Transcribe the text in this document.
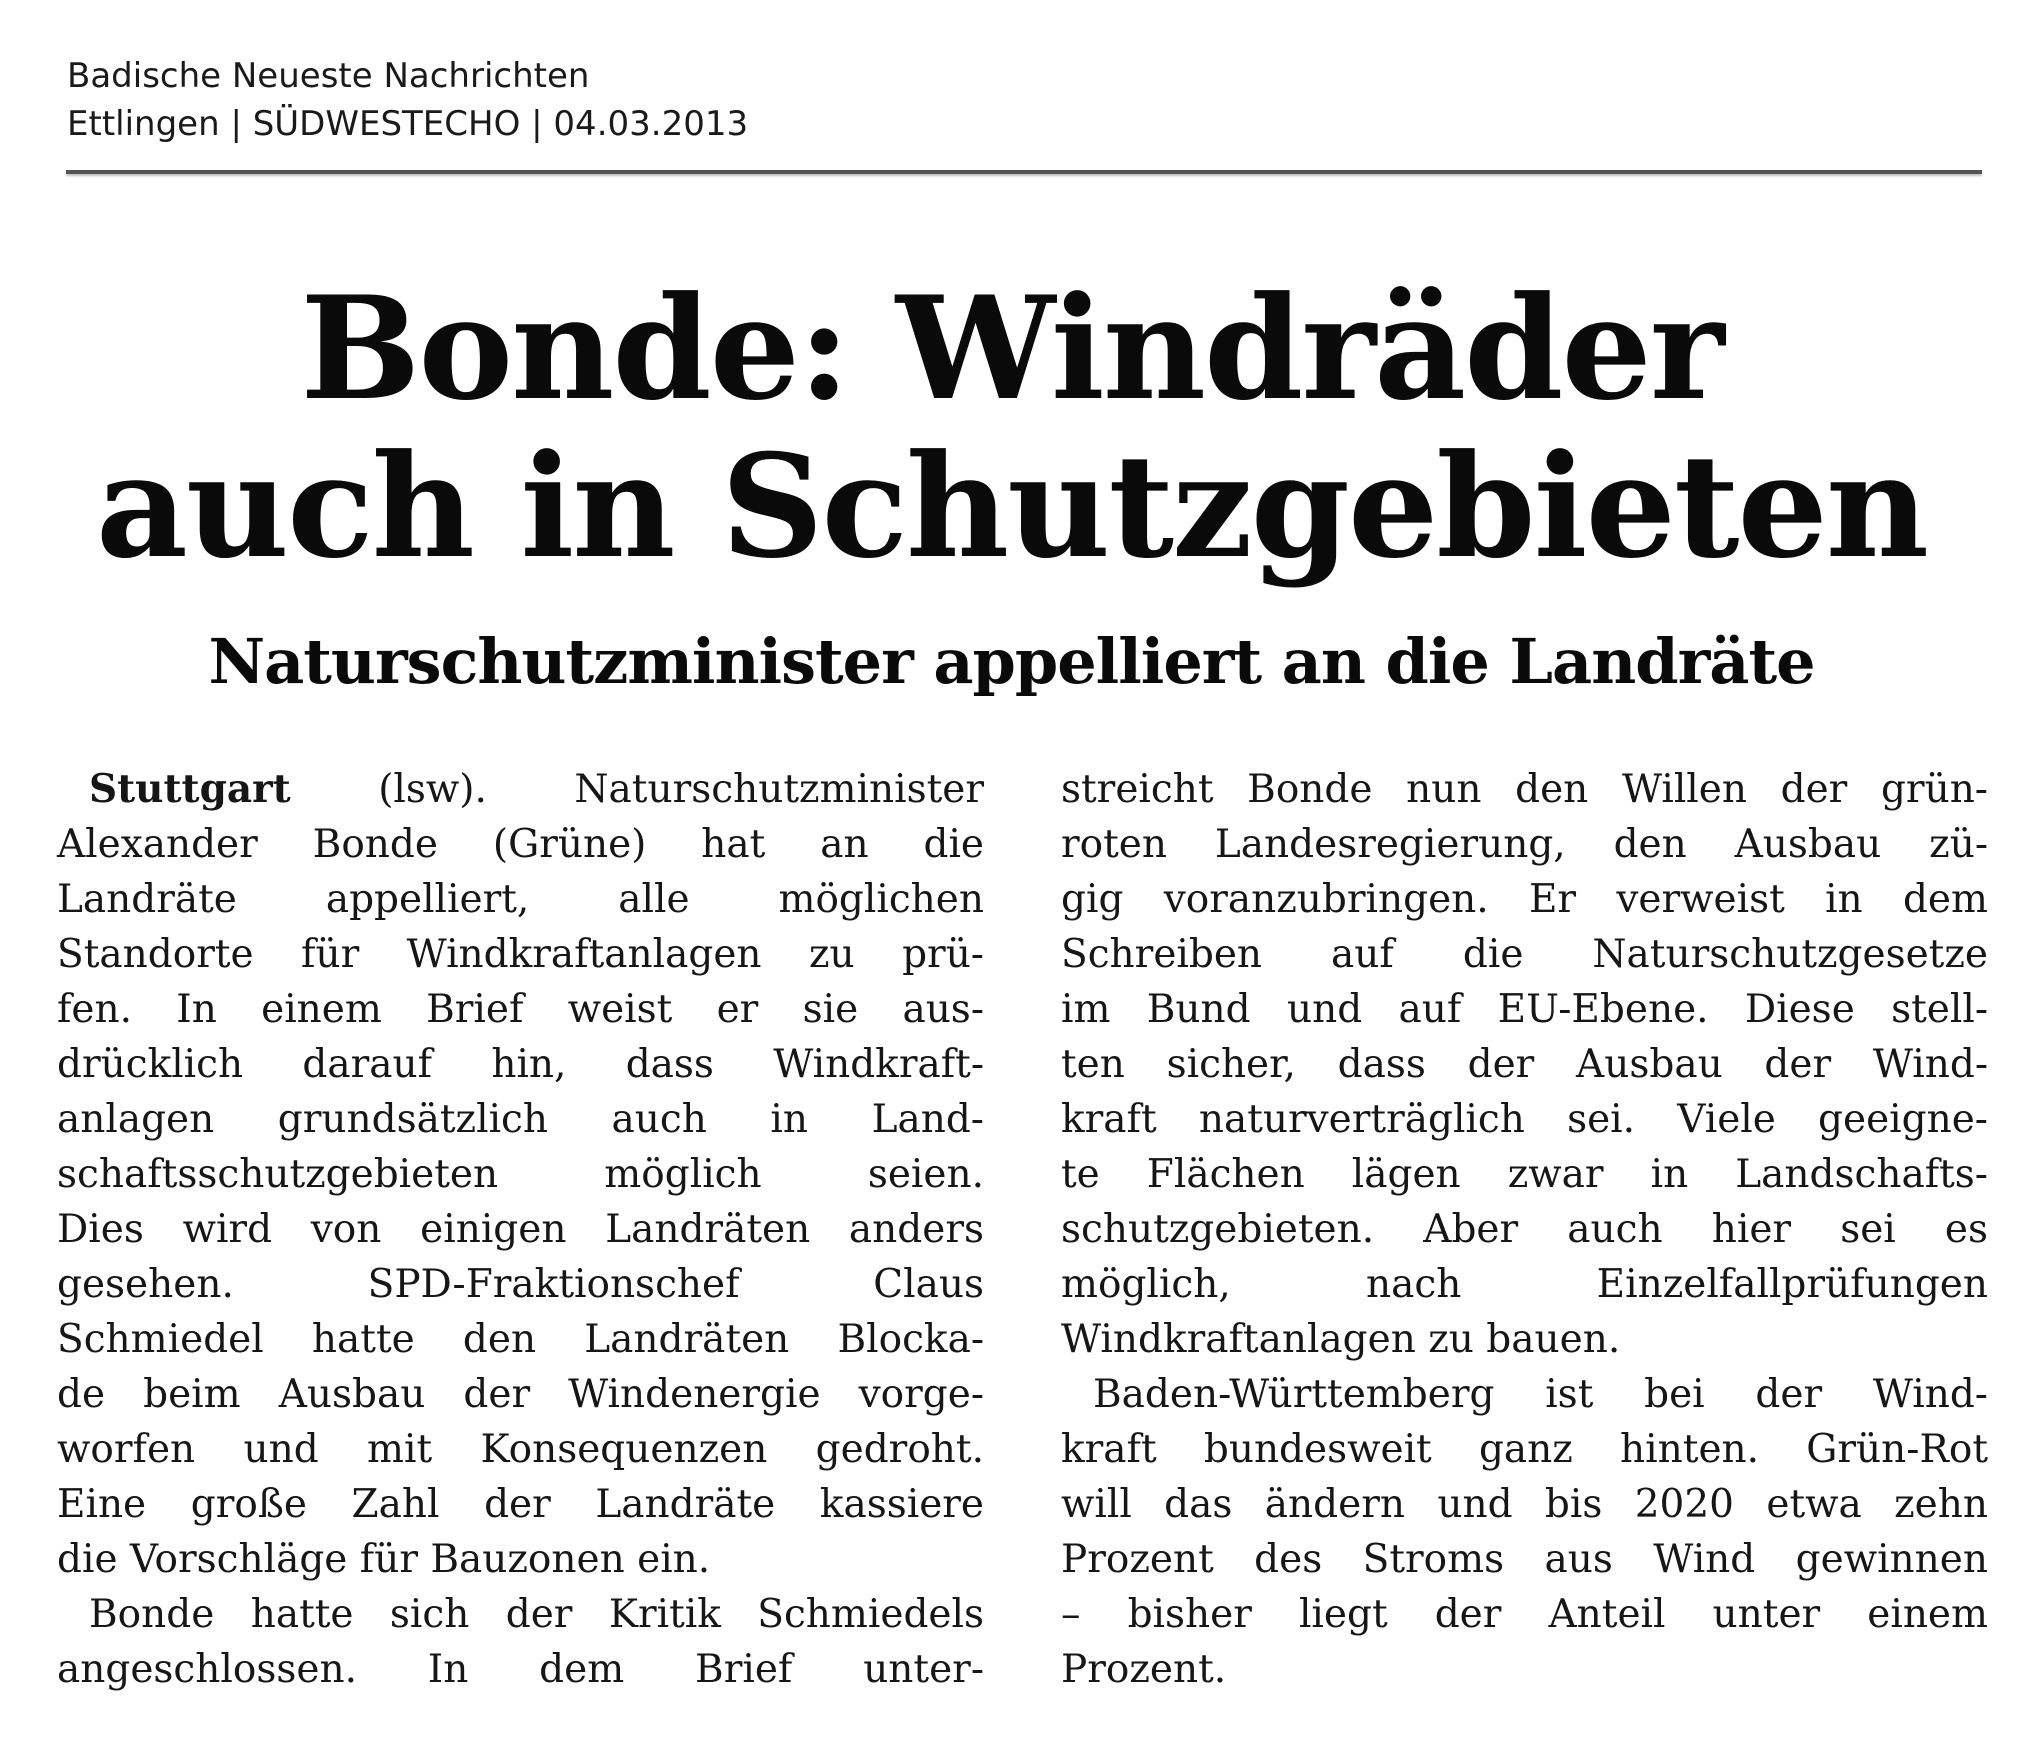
Badische Neueste Nachrichten
Ettlingen | SÜDWESTECHO | 04.03.2013
Bonde: Windräder
auch in Schutzgebieten
Naturschutzminister appelliert an die Landräte
Stuttgart (lsw). Naturschutzminister
Alexander Bonde (Grüne) hat an die
Landräte appelliert, alle möglichen
Standorte für Windkraftanlagen zu prü-
fen. In einem Brief weist er sie aus-
drücklich darauf hin, dass Windkraft-
anlagen grundsätzlich auch in Land-
schaftsschutzgebieten möglich seien.
Dies wird von einigen Landräten anders
gesehen. SPD-Fraktionschef Claus
Schmiedel hatte den Landräten Blocka-
de beim Ausbau der Windenergie vorge-
worfen und mit Konsequenzen gedroht.
Eine große Zahl der Landräte kassiere
die Vorschläge für Bauzonen ein.
Bonde hatte sich der Kritik Schmiedels
angeschlossen. In dem Brief unter-
streicht Bonde nun den Willen der grün-
roten Landesregierung, den Ausbau zü-
gig voranzubringen. Er verweist in dem
Schreiben auf die Naturschutzgesetze
im Bund und auf EU-Ebene. Diese stell-
ten sicher, dass der Ausbau der Wind-
kraft naturverträglich sei. Viele geeigne-
te Flächen lägen zwar in Landschafts-
schutzgebieten. Aber auch hier sei es
möglich, nach Einzelfallprüfungen
Windkraftanlagen zu bauen.
Baden-Württemberg ist bei der Wind-
kraft bundesweit ganz hinten. Grün-Rot
will das ändern und bis 2020 etwa zehn
Prozent des Stroms aus Wind gewinnen
– bisher liegt der Anteil unter einem
Prozent.
